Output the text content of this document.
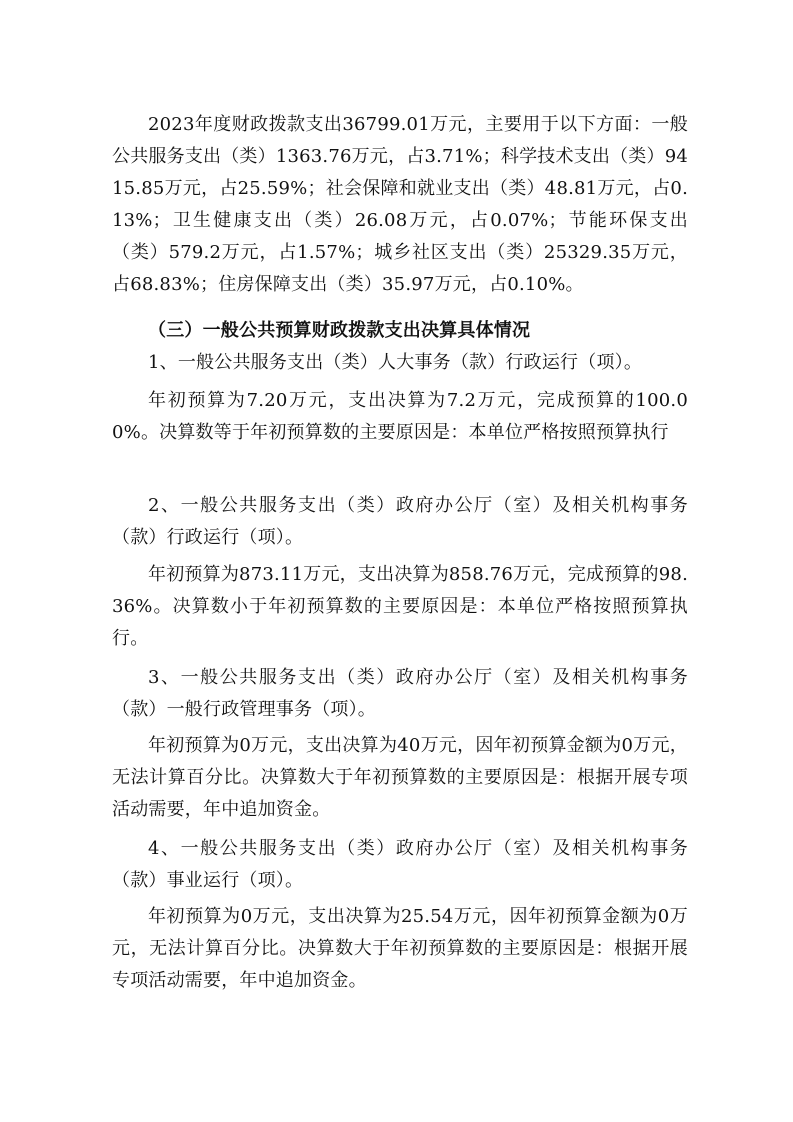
2023年度财政拨款支出36799.01万元，主要用于以下方面：一般公共服务支出（类）1363.76万元，占3.71%；科学技术支出（类）9415.85万元，占25.59%；社会保障和就业支出（类）48.81万元，占0.13%；卫生健康支出（类）26.08万元，占0.07%；节能环保支出（类）579.2万元，占1.57%；城乡社区支出（类）25329.35万元，占68.83%；住房保障支出（类）35.97万元，占0.10%。

（三）一般公共预算财政拨款支出决算具体情况

1、一般公共服务支出（类）人大事务（款）行政运行（项）。

年初预算为7.20万元，支出决算为7.2万元，完成预算的100.00%。决算数等于年初预算数的主要原因是：本单位严格按照预算执行

2、一般公共服务支出（类）政府办公厅（室）及相关机构事务（款）行政运行（项）。

年初预算为873.11万元，支出决算为858.76万元，完成预算的98.36%。决算数小于年初预算数的主要原因是：本单位严格按照预算执行。

3、一般公共服务支出（类）政府办公厅（室）及相关机构事务（款）一般行政管理事务（项）。

年初预算为0万元，支出决算为40万元，因年初预算金额为0万元，无法计算百分比。决算数大于年初预算数的主要原因是：根据开展专项活动需要，年中追加资金。

4、一般公共服务支出（类）政府办公厅（室）及相关机构事务（款）事业运行（项）。

年初预算为0万元，支出决算为25.54万元，因年初预算金额为0万元，无法计算百分比。决算数大于年初预算数的主要原因是：根据开展专项活动需要，年中追加资金。
